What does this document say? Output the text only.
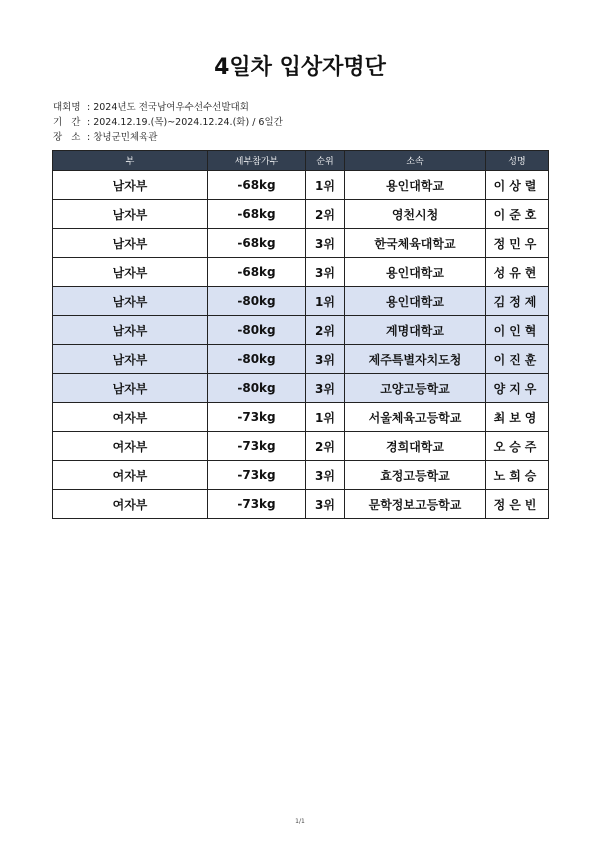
4일차 입상자명단
대회명 : 2024년도 전국남여우수선수선발대회
기   간 : 2024.12.19.(목)~2024.12.24.(화) / 6일간
장   소 : 창녕군민체육관
부	세부참가부	순위	소속	성명
남자부	-68kg	1위	용인대학교	이상렬
남자부	-68kg	2위	영천시청	이준호
남자부	-68kg	3위	한국체육대학교	정민우
남자부	-68kg	3위	용인대학교	성유현
남자부	-80kg	1위	용인대학교	김정제
남자부	-80kg	2위	계명대학교	이인혁
남자부	-80kg	3위	제주특별자치도청	이진훈
남자부	-80kg	3위	고양고등학교	양지우
여자부	-73kg	1위	서울체육고등학교	최보영
여자부	-73kg	2위	경희대학교	오승주
여자부	-73kg	3위	효정고등학교	노희승
여자부	-73kg	3위	문학정보고등학교	정은빈
1/1
